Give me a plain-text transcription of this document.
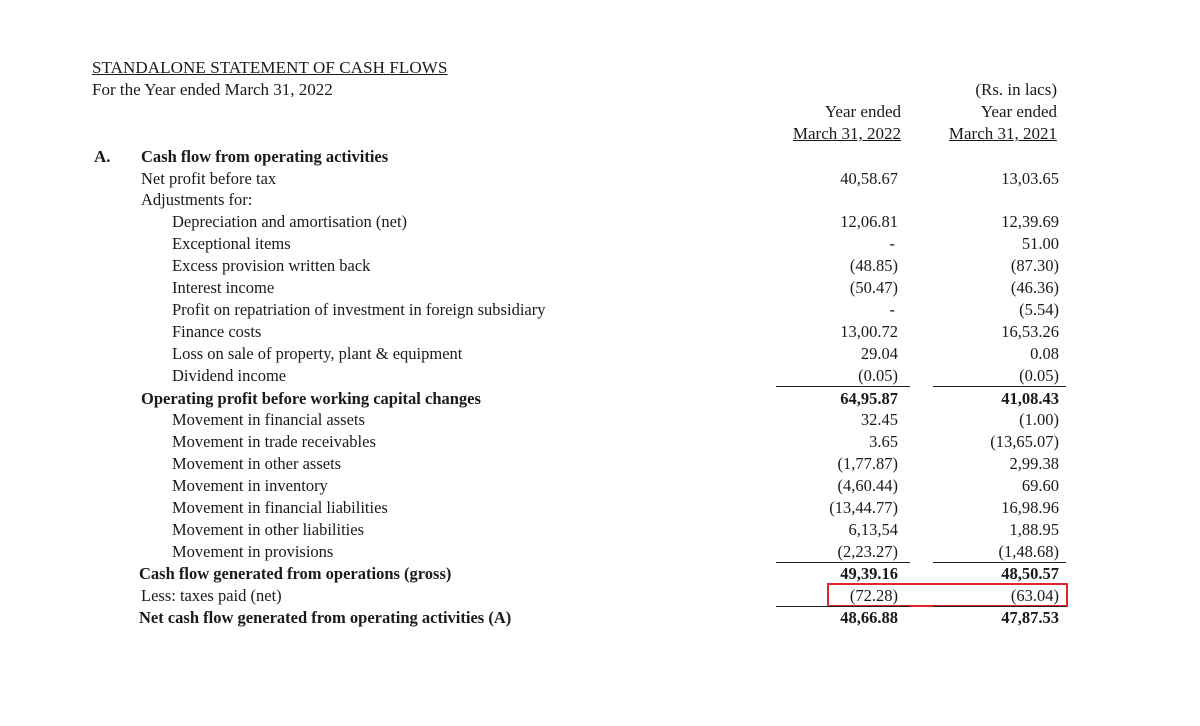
STANDALONE STATEMENT OF CASH FLOWS
For the Year ended March 31, 2022	(Rs. in lacs)
Year ended
March 31, 2022
Year ended
March 31, 2021
A. Cash flow from operating activities
Net profit before tax	40,58.67	13,03.65
Adjustments for:
Depreciation and amortisation (net)	12,06.81	12,39.69
Exceptional items	-	51.00
Excess provision written back	(48.85)	(87.30)
Interest income	(50.47)	(46.36)
Profit on repatriation of investment in foreign subsidiary	-	(5.54)
Finance costs	13,00.72	16,53.26
Loss on sale of property, plant & equipment	29.04	0.08
Dividend income	(0.05)	(0.05)
Operating profit before working capital changes	64,95.87	41,08.43
Movement in financial assets	32.45	(1.00)
Movement in trade receivables	3.65	(13,65.07)
Movement in other assets	(1,77.87)	2,99.38
Movement in inventory	(4,60.44)	69.60
Movement in financial liabilities	(13,44.77)	16,98.96
Movement in other liabilities	6,13,54	1,88.95
Movement in provisions	(2,23.27)	(1,48.68)
Cash flow generated from operations (gross)	49,39.16	48,50.57
Less: taxes paid (net)	(72.28)	(63.04)
Net cash flow generated from operating activities (A)	48,66.88	47,87.53
